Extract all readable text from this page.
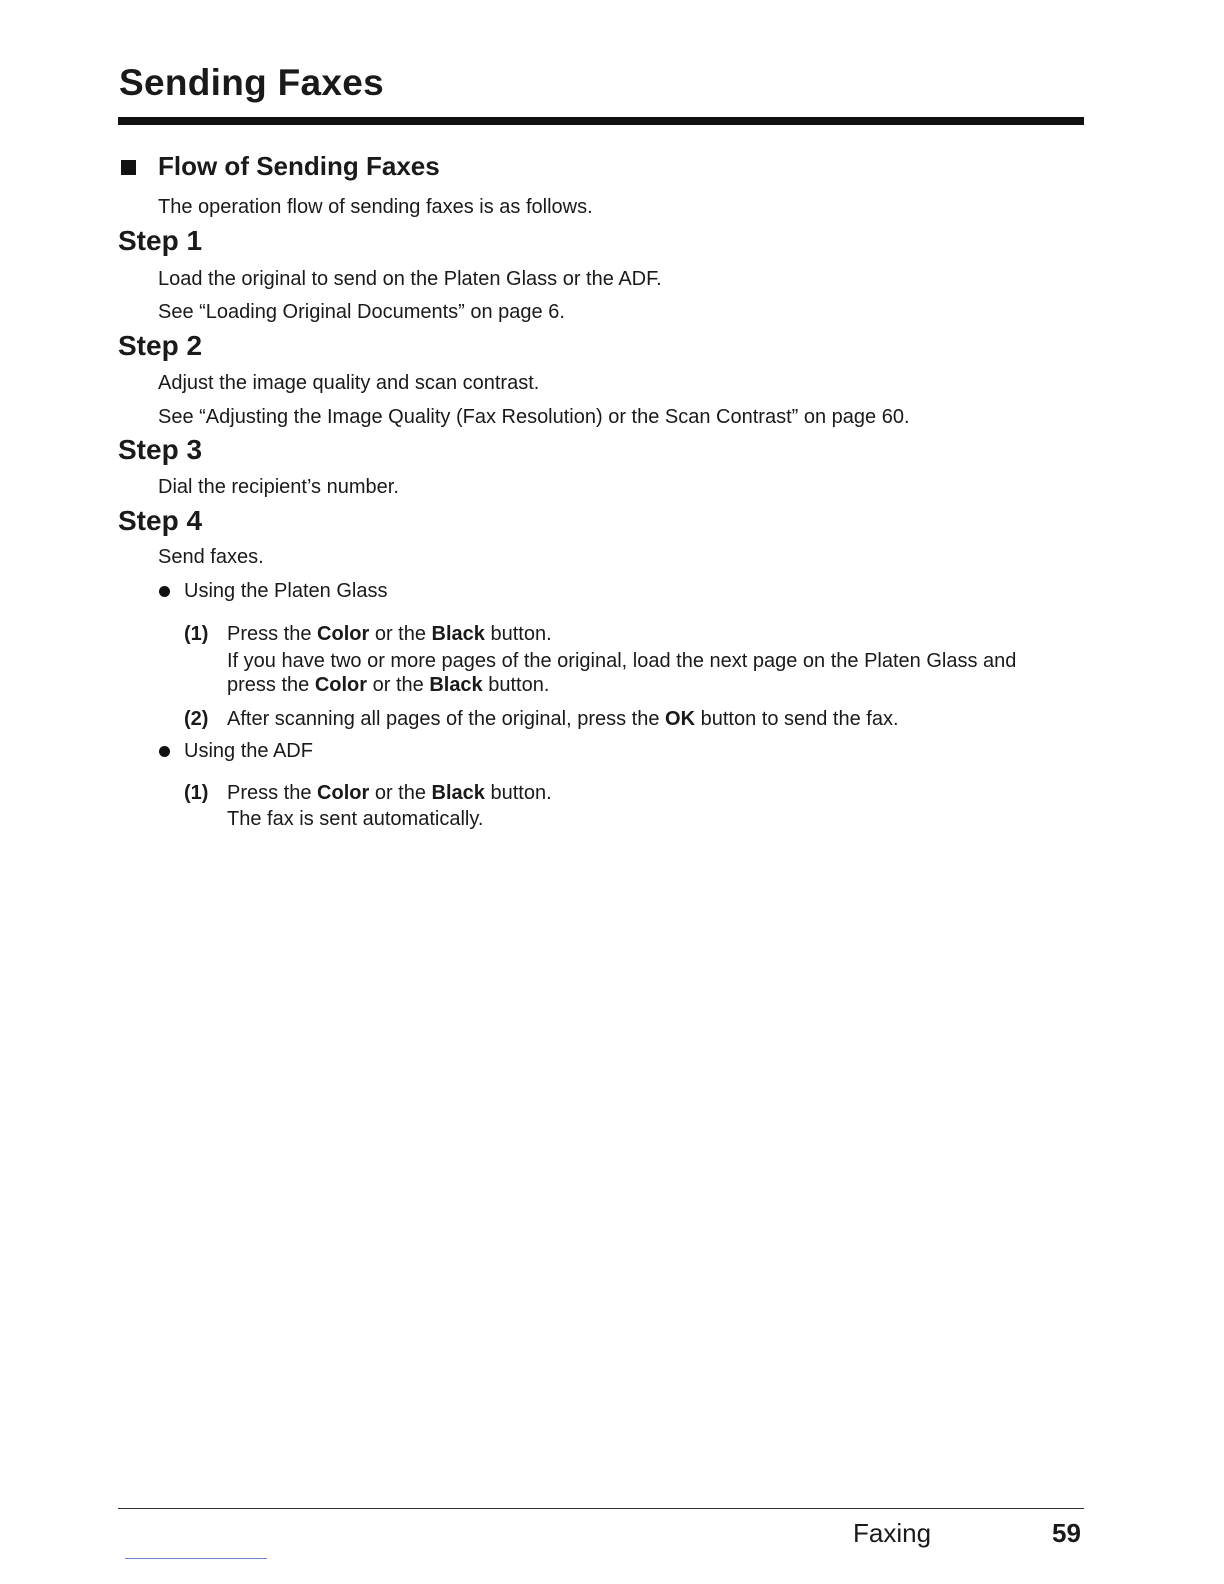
Sending Faxes
Flow of Sending Faxes
The operation flow of sending faxes is as follows.
Step 1
Load the original to send on the Platen Glass or the ADF.
See “Loading Original Documents” on page 6.
Step 2
Adjust the image quality and scan contrast.
See “Adjusting the Image Quality (Fax Resolution) or the Scan Contrast” on page 60.
Step 3
Dial the recipient’s number.
Step 4
Send faxes.
Using the Platen Glass
(1) Press the Color or the Black button.
If you have two or more pages of the original, load the next page on the Platen Glass and
press the Color or the Black button.
(2) After scanning all pages of the original, press the OK button to send the fax.
Using the ADF
(1) Press the Color or the Black button.
The fax is sent automatically.
Faxing	59
